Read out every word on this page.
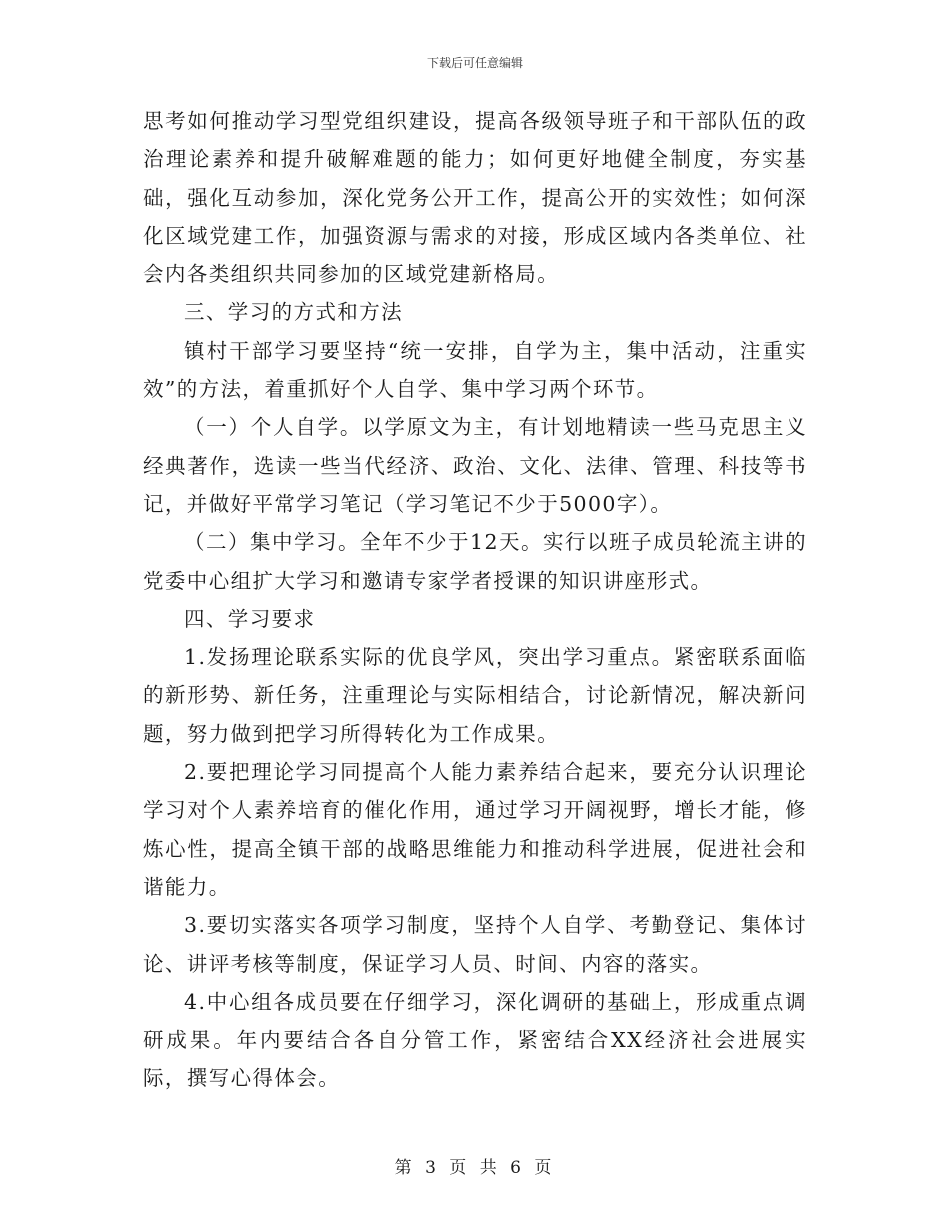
下载后可任意编辑

思考如何推动学习型党组织建设，提高各级领导班子和干部队伍的政治理论素养和提升破解难题的能力；如何更好地健全制度，夯实基础，强化互动参加，深化党务公开工作，提高公开的实效性；如何深化区域党建工作，加强资源与需求的对接，形成区域内各类单位、社会内各类组织共同参加的区域党建新格局。

三、学习的方式和方法

镇村干部学习要坚持“统一安排，自学为主，集中活动，注重实效”的方法，着重抓好个人自学、集中学习两个环节。

（一）个人自学。以学原文为主，有计划地精读一些马克思主义经典著作，选读一些当代经济、政治、文化、法律、管理、科技等书记，并做好平常学习笔记（学习笔记不少于5000字）。

（二）集中学习。全年不少于12天。实行以班子成员轮流主讲的党委中心组扩大学习和邀请专家学者授课的知识讲座形式。

四、学习要求

1.发扬理论联系实际的优良学风，突出学习重点。紧密联系面临的新形势、新任务，注重理论与实际相结合，讨论新情况，解决新问题，努力做到把学习所得转化为工作成果。

2.要把理论学习同提高个人能力素养结合起来，要充分认识理论学习对个人素养培育的催化作用，通过学习开阔视野，增长才能，修炼心性，提高全镇干部的战略思维能力和推动科学进展，促进社会和谐能力。

3.要切实落实各项学习制度，坚持个人自学、考勤登记、集体讨论、讲评考核等制度，保证学习人员、时间、内容的落实。

4.中心组各成员要在仔细学习，深化调研的基础上，形成重点调研成果。年内要结合各自分管工作，紧密结合XX经济社会进展实际，撰写心得体会。

第 3 页 共 6 页
